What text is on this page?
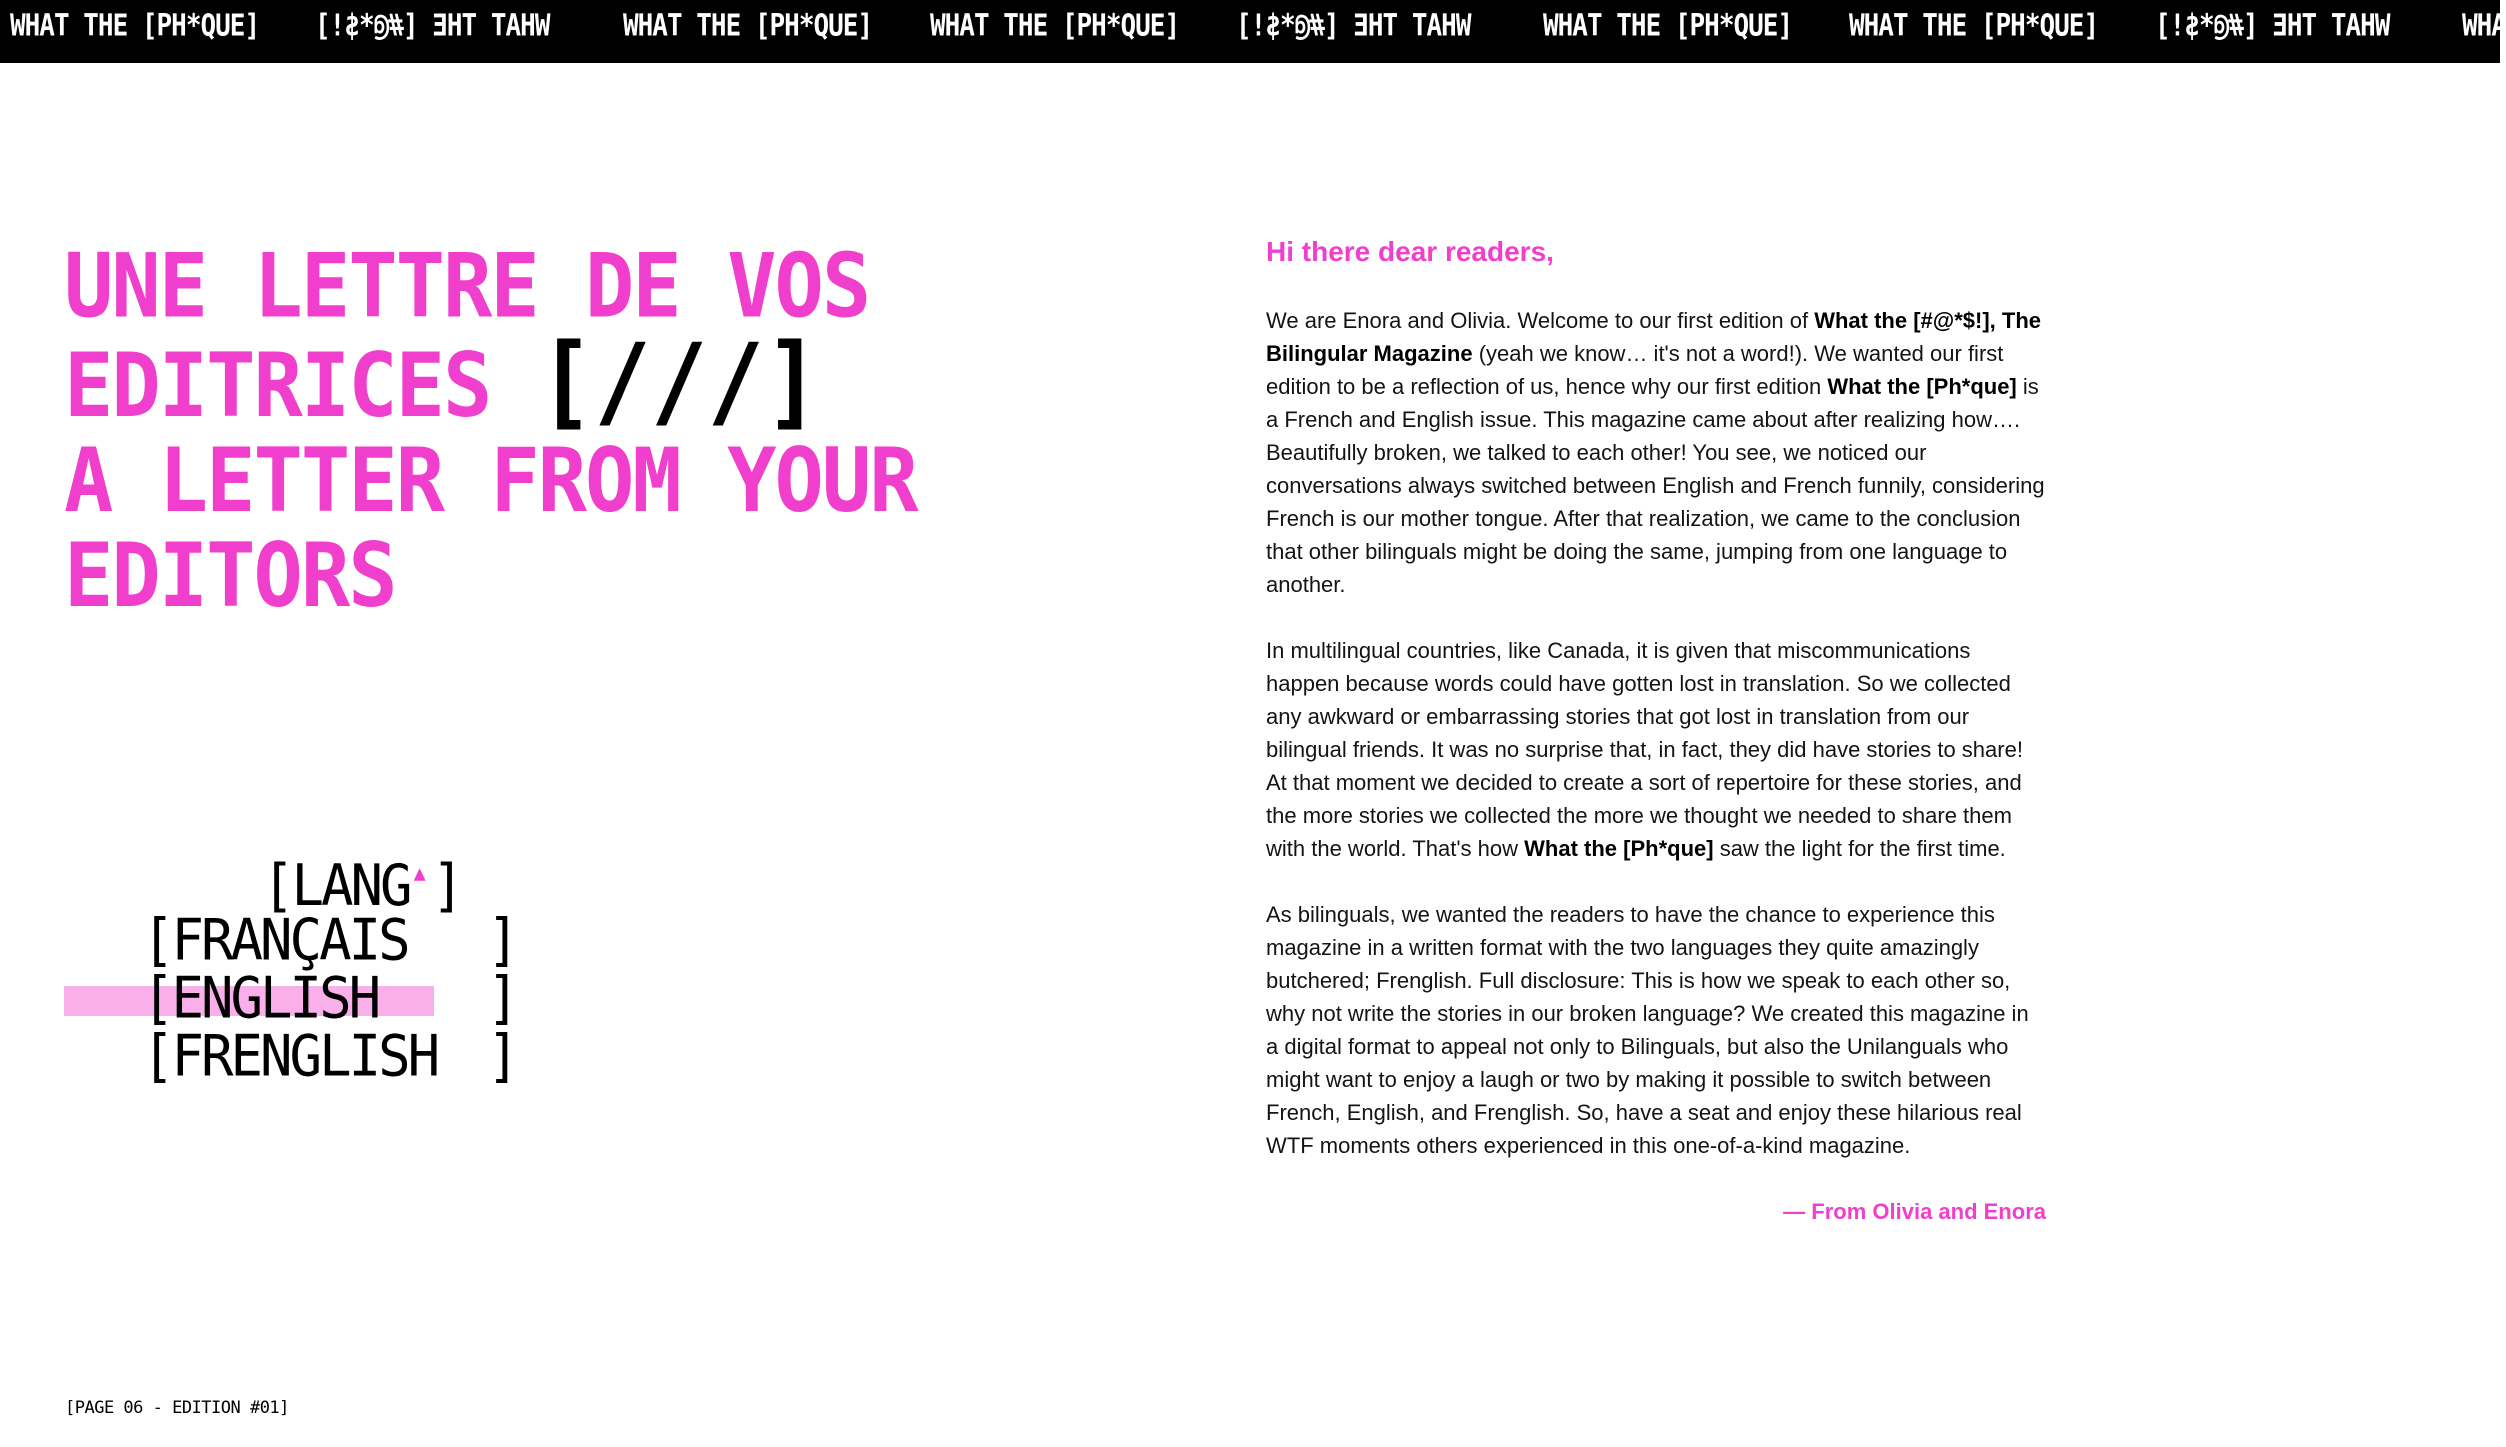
WHAT THE [PH*QUE] WHAT THE [#@*$!]	WHAT THE [PH*QUE] WHAT THE [PH*QUE] WHAT THE [#@*$!]	WHAT THE [PH*QUE] WHAT THE [PH*QUE] WHAT THE [#@*$!]	WHA
UNE LETTRE DE VOS
EDITRICES [///]
A LETTER FROM YOUR
EDITORS
[LANG ▲ ]
[FRANÇAIS ]
[ENGLISH ]
[FRENGLISH ]
[PAGE 06 - EDITION #01]
Hi there dear readers,

We are Enora and Olivia. Welcome to our first edition of What the [#@*$!], The Bilingular Magazine (yeah we know… it's not a word!). We wanted our first edition to be a reflection of us, hence why our first edition What the [Ph*que] is a French and English issue. This magazine came about after realizing how…. Beautifully broken, we talked to each other! You see, we noticed our conversations always switched between English and French funnily, considering French is our mother tongue. After that realization, we came to the conclusion that other bilinguals might be doing the same, jumping from one language to another.

In multilingual countries, like Canada, it is given that miscommunications happen because words could have gotten lost in translation. So we collected any awkward or embarrassing stories that got lost in translation from our bilingual friends. It was no surprise that, in fact, they did have stories to share! At that moment we decided to create a sort of repertoire for these stories, and the more stories we collected the more we thought we needed to share them with the world. That's how What the [Ph*que] saw the light for the first time.

As bilinguals, we wanted the readers to have the chance to experience this magazine in a written format with the two languages they quite amazingly butchered; Frenglish. Full disclosure: This is how we speak to each other so, why not write the stories in our broken language? We created this magazine in a digital format to appeal not only to Bilinguals, but also the Unilanguals who might want to enjoy a laugh or two by making it possible to switch between French, English, and Frenglish. So, have a seat and enjoy these hilarious real WTF moments others experienced in this one-of-a-kind magazine.

— From Olivia and Enora
